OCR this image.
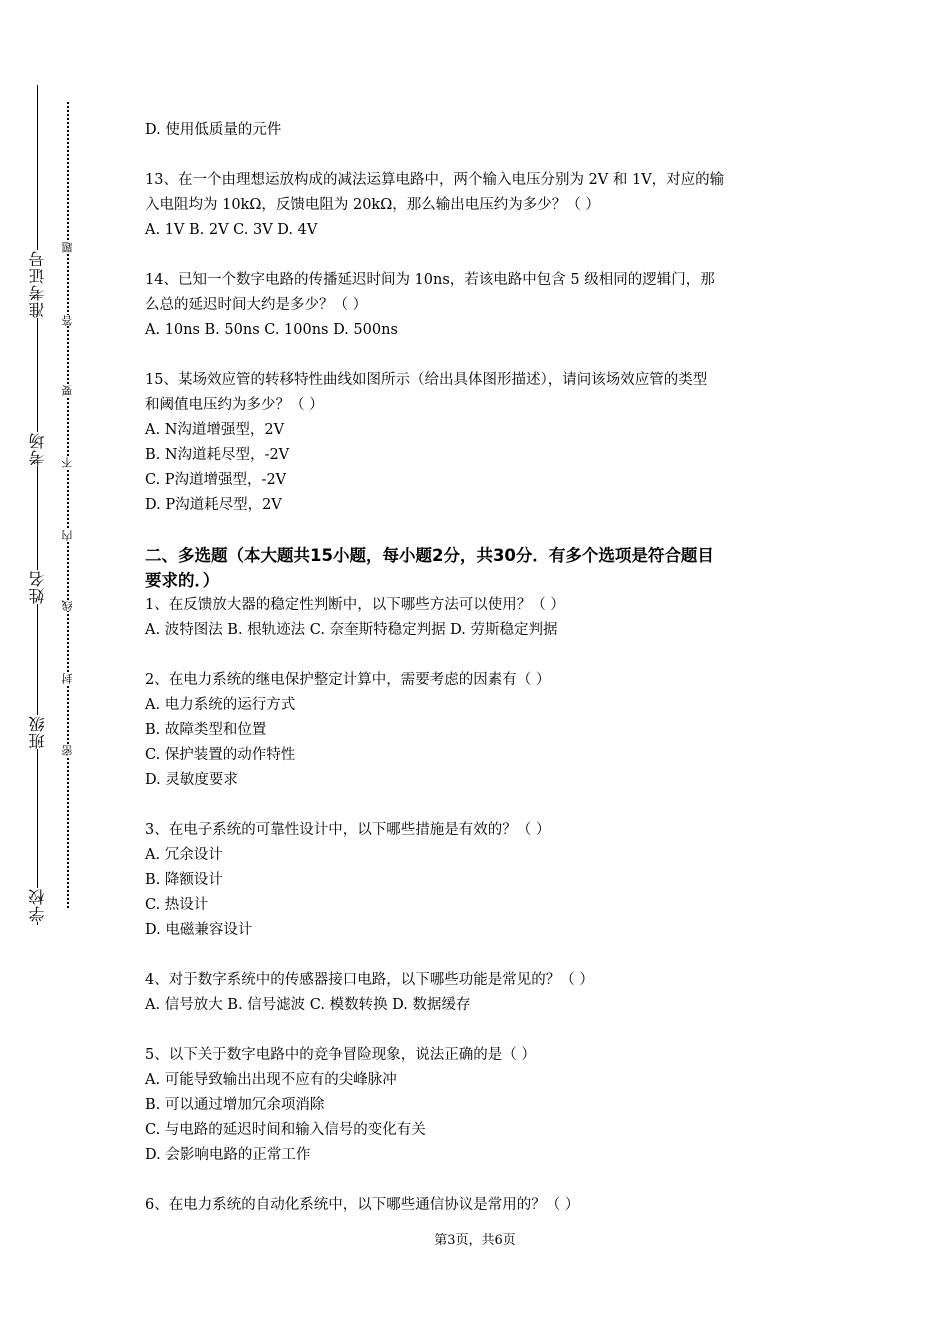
准考证号
考场
姓名
班级
学校
题
答
要
不
内
线
封
密

D. 使用低质量的元件

13、在一个由理想运放构成的减法运算电路中，两个输入电压分别为 2V 和 1V，对应的输

入电阻均为 10kΩ，反馈电阻为 20kΩ，那么输出电压约为多少？（ ）

A. 1V B. 2V C. 3V D. 4V

14、已知一个数字电路的传播延迟时间为 10ns，若该电路中包含 5 级相同的逻辑门，那

么总的延迟时间大约是多少？（ ）

A. 10ns B. 50ns C. 100ns D. 500ns

15、某场效应管的转移特性曲线如图所示（给出具体图形描述），请问该场效应管的类型

和阈值电压约为多少？（ ）

A. N沟道增强型，2V

B. N沟道耗尽型，-2V

C. P沟道增强型，-2V

D. P沟道耗尽型，2V

二、多选题（本大题共15小题，每小题2分，共30分．有多个选项是符合题目

要求的．）

1、在反馈放大器的稳定性判断中，以下哪些方法可以使用？（ ）

A. 波特图法 B. 根轨迹法 C. 奈奎斯特稳定判据 D. 劳斯稳定判据

2、在电力系统的继电保护整定计算中，需要考虑的因素有（ ）

A. 电力系统的运行方式

B. 故障类型和位置

C. 保护装置的动作特性

D. 灵敏度要求

3、在电子系统的可靠性设计中，以下哪些措施是有效的？（ ）

A. 冗余设计

B. 降额设计

C. 热设计

D. 电磁兼容设计

4、对于数字系统中的传感器接口电路，以下哪些功能是常见的？（ ）

A. 信号放大 B. 信号滤波 C. 模数转换 D. 数据缓存

5、以下关于数字电路中的竞争冒险现象，说法正确的是（ ）

A. 可能导致输出出现不应有的尖峰脉冲

B. 可以通过增加冗余项消除

C. 与电路的延迟时间和输入信号的变化有关

D. 会影响电路的正常工作

6、在电力系统的自动化系统中，以下哪些通信协议是常用的？（ ）

第3页，共6页
